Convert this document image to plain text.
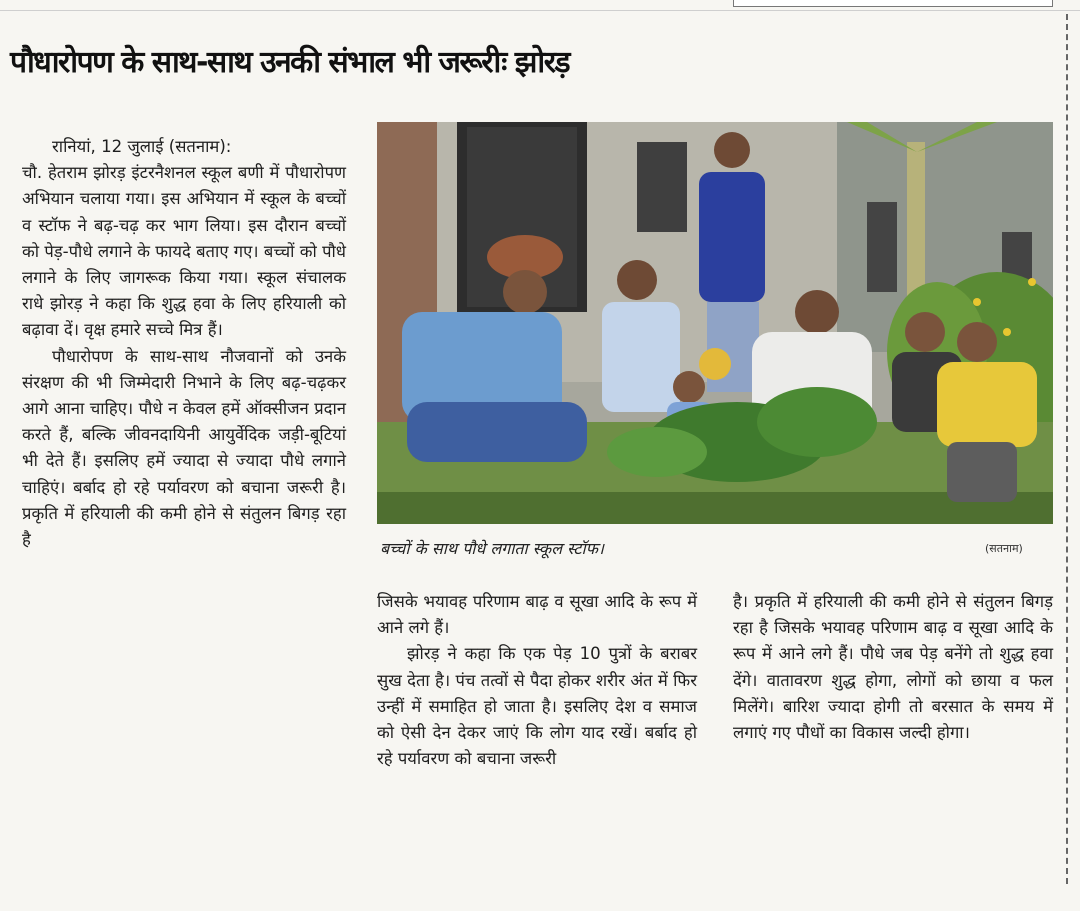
पौधारोपण के साथ-साथ उनकी संभाल भी जरूरीः झोरड़

रानियां, 12 जुलाई (सतनाम):

चौ. हेतराम झोरड़ इंटरनैशनल स्कूल बणी में पौधारोपण अभियान चलाया गया। इस अभियान में स्कूल के बच्चों व स्टॉफ ने बढ़-चढ़ कर भाग लिया। इस दौरान बच्चों को पेड़-पौधे लगाने के फायदे बताए गए। बच्चों को पौधे लगाने के लिए जागरूक किया गया। स्कूल संचालक राधे झोरड़ ने कहा कि शुद्ध हवा के लिए हरियाली को बढ़ावा दें। वृक्ष हमारे सच्चे मित्र हैं।

पौधारोपण के साथ-साथ नौजवानों को उनके संरक्षण की भी जिम्मेदारी निभाने के लिए बढ़-चढ़कर आगे आना चाहिए। पौधे न केवल हमें ऑक्सीजन प्रदान करते हैं, बल्कि जीवनदायिनी आयुर्वेदिक जड़ी-बूटियां भी देते हैं। इसलिए हमें ज्यादा से ज्यादा पौधे लगाने चाहिएं। बर्बाद हो रहे पर्यावरण को बचाना जरूरी है। प्रकृति में हरियाली की कमी होने से संतुलन बिगड़ रहा है	बच्चों के साथ पौधे लगाता स्कूल स्टॉफ।	(सतनाम)

जिसके भयावह परिणाम बाढ़ व सूखा आदि के रूप में आने लगे हैं।

झोरड़ ने कहा कि एक पेड़ 10 पुत्रों के बराबर सुख देता है। पंच तत्वों से पैदा होकर शरीर अंत में फिर उन्हीं में समाहित हो जाता है। इसलिए देश व समाज को ऐसी देन देकर जाएं कि लोग याद रखें। बर्बाद हो रहे पर्यावरण को बचाना जरूरी

है। प्रकृति में हरियाली की कमी होने से संतुलन बिगड़ रहा है जिसके भयावह परिणाम बाढ़ व सूखा आदि के रूप में आने लगे हैं। पौधे जब पेड़ बनेंगे तो शुद्ध हवा देंगे। वातावरण शुद्ध होगा, लोगों को छाया व फल मिलेंगे। बारिश ज्यादा होगी तो बरसात के समय में लगाएं गए पौधों का विकास जल्दी होगा।
